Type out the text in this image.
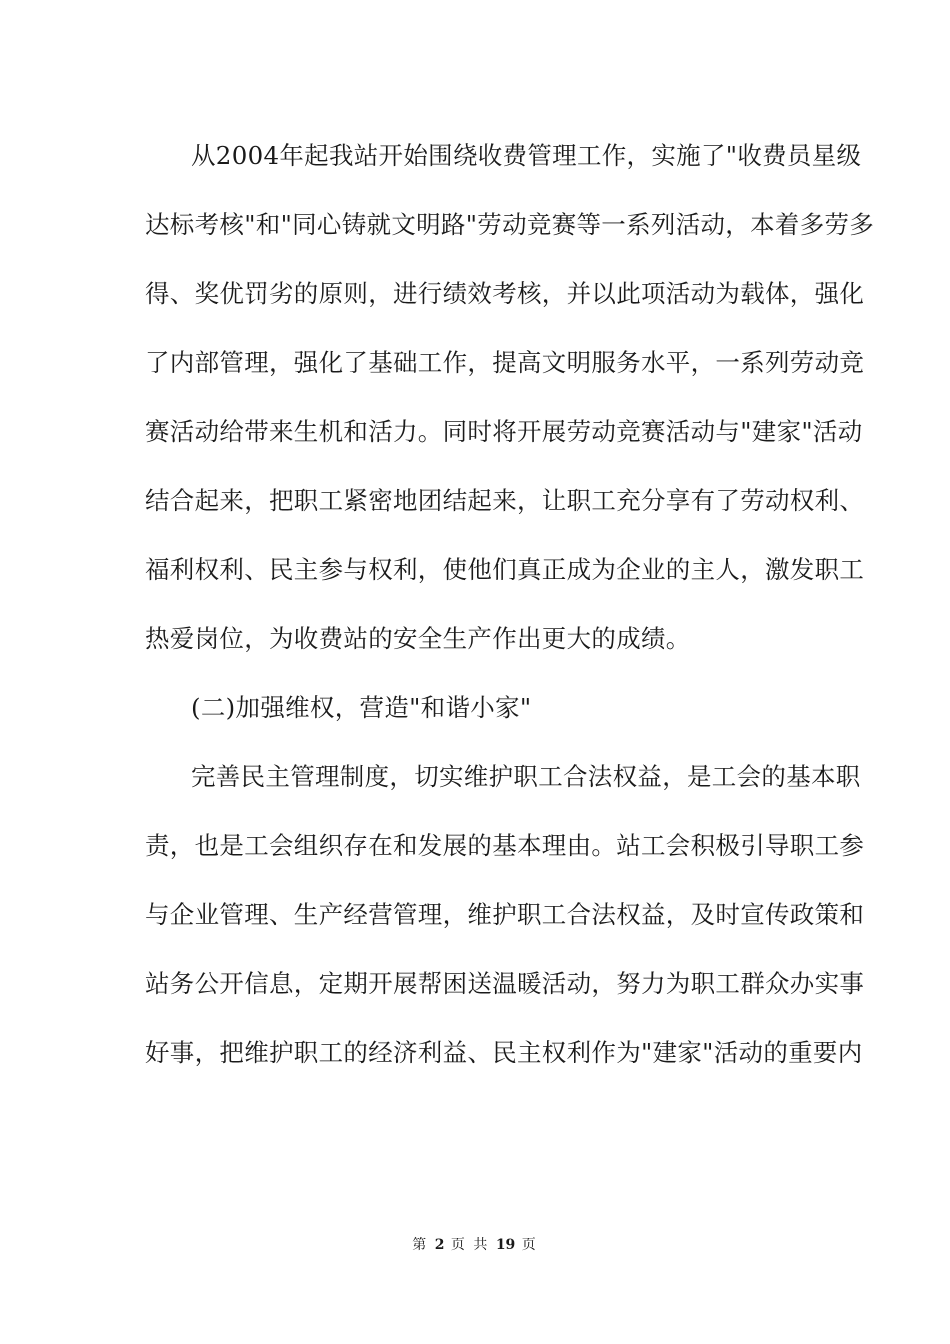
从2004年起我站开始围绕收费管理工作，实施了"收费员星级
达标考核"和"同心铸就文明路"劳动竞赛等一系列活动，本着多劳多
得、奖优罚劣的原则，进行绩效考核，并以此项活动为载体，强化
了内部管理，强化了基础工作，提高文明服务水平，一系列劳动竞
赛活动给带来生机和活力。同时将开展劳动竞赛活动与"建家"活动
结合起来，把职工紧密地团结起来，让职工充分享有了劳动权利、
福利权利、民主参与权利，使他们真正成为企业的主人，激发职工
热爱岗位，为收费站的安全生产作出更大的成绩。
(二)加强维权，营造"和谐小家"
完善民主管理制度，切实维护职工合法权益，是工会的基本职
责，也是工会组织存在和发展的基本理由。站工会积极引导职工参
与企业管理、生产经营管理，维护职工合法权益，及时宣传政策和
站务公开信息，定期开展帮困送温暖活动，努力为职工群众办实事
好事，把维护职工的经济利益、民主权利作为"建家"活动的重要内
第 2 页 共 19 页
